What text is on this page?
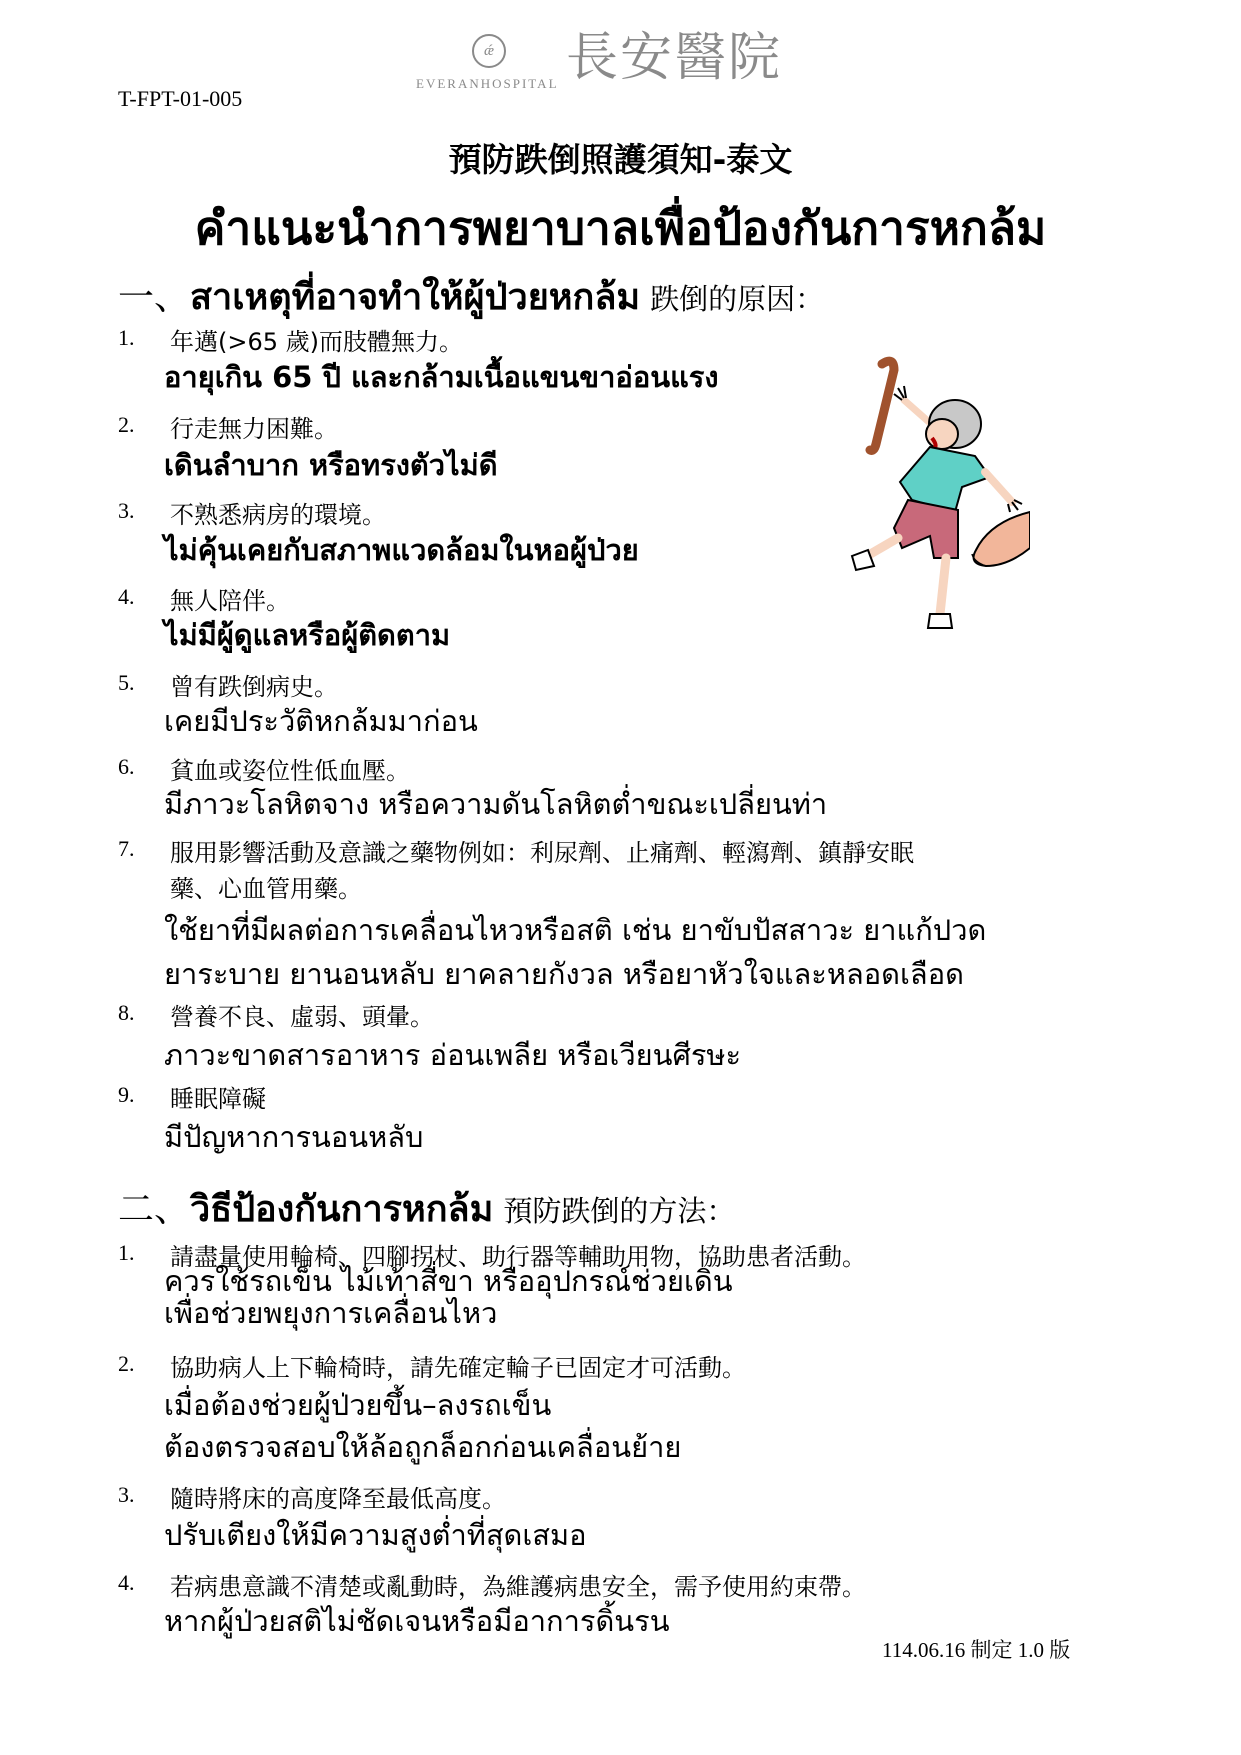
T-FPT-01-005
ǽ
EVERANHOSPITAL 長安醫院
預防跌倒照護須知-泰文
คำแนะนำการพยาบาลเพื่อป้องกันการหกล้ม
一、สาเหตุที่อาจทำให้ผู้ป่วยหกล้ม 跌倒的原因：
1. 年邁(>65 歲)而肢體無力。
อายุเกิน 65 ปี และกล้ามเนื้อแขนขาอ่อนแรง
2. 行走無力困難。
เดินลำบาก หรือทรงตัวไม่ดี
3. 不熟悉病房的環境。
ไม่คุ้นเคยกับสภาพแวดล้อมในหอผู้ป่วย
4. 無人陪伴。
ไม่มีผู้ดูแลหรือผู้ติดตาม
5. 曾有跌倒病史。
เคยมีประวัติหกล้มมาก่อน
6. 貧血或姿位性低血壓。
มีภาวะโลหิตจาง หรือความดันโลหิตต่ำขณะเปลี่ยนท่า
7. 服用影響活動及意識之藥物例如：利尿劑、止痛劑、輕瀉劑、鎮靜安眠
藥、心血管用藥。
ใช้ยาที่มีผลต่อการเคลื่อนไหวหรือสติ เช่น ยาขับปัสสาวะ ยาแก้ปวด
ยาระบาย ยานอนหลับ ยาคลายกังวล หรือยาหัวใจและหลอดเลือด
8. 營養不良、虛弱、頭暈。
ภาวะขาดสารอาหาร อ่อนเพลีย หรือเวียนศีรษะ
9. 睡眠障礙
มีปัญหาการนอนหลับ
二、วิธีป้องกันการหกล้ม 預防跌倒的方法：
1. 請盡量使用輪椅、四腳拐杖、助行器等輔助用物，協助患者活動。
ควรใช้รถเข็น ไม้เท้าสี่ขา หรืออุปกรณ์ช่วยเดิน
เพื่อช่วยพยุงการเคลื่อนไหว
2. 協助病人上下輪椅時，請先確定輪子已固定才可活動。
เมื่อต้องช่วยผู้ป่วยขึ้น–ลงรถเข็น
ต้องตรวจสอบให้ล้อถูกล็อกก่อนเคลื่อนย้าย
3. 隨時將床的高度降至最低高度。
ปรับเตียงให้มีความสูงต่ำที่สุดเสมอ
4. 若病患意識不清楚或亂動時，為維護病患安全，需予使用約束帶。
หากผู้ป่วยสติไม่ชัดเจนหรือมีอาการดิ้นรน
114.06.16 制定 1.0 版
